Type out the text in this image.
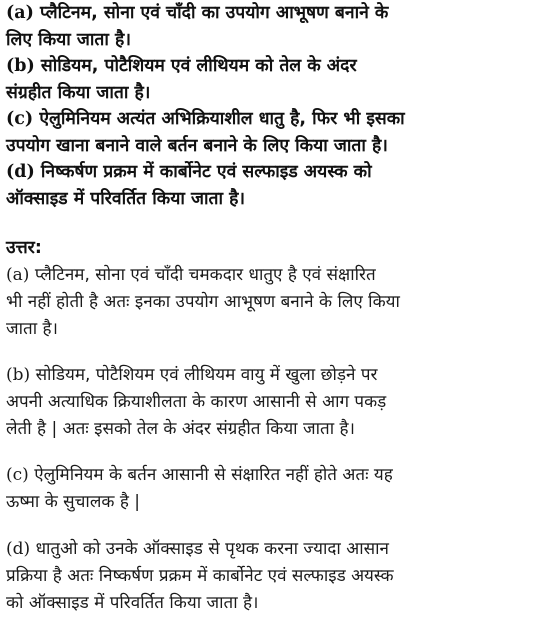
(a) प्लैटिनम, सोना एवं चाँदी का उपयोग आभूषण बनाने के
लिए किया जाता है।
(b) सोडियम, पोटैशियम एवं लीथियम को तेल के अंदर
संग्रहीत किया जाता है।
(c) ऐलुमिनियम अत्यंत अभिक्रियाशील धातु है, फिर भी इसका
उपयोग खाना बनाने वाले बर्तन बनाने के लिए किया जाता है।
(d) निष्कर्षण प्रक्रम में कार्बोनेट एवं सल्फाइड अयस्क को
ऑक्साइड में परिवर्तित किया जाता है।
उत्तर:
(a) प्लैटिनम, सोना एवं चाँदी चमकदार धातुए है एवं संक्षारित
भी नहीं होती है अतः इनका उपयोग आभूषण बनाने के लिए किया
जाता है।
(b) सोडियम, पोटैशियम एवं लीथियम वायु में खुला छोड़ने पर
अपनी अत्याधिक क्रियाशीलता के कारण आसानी से आग पकड़
लेती है | अतः इसको तेल के अंदर संग्रहीत किया जाता है।
(c) ऐलुमिनियम के बर्तन आसानी से संक्षारित नहीं होते अतः यह
ऊष्मा के सुचालक है |
(d) धातुओ को उनके ऑक्साइड से पृथक करना ज्यादा आसान
प्रक्रिया है अतः निष्कर्षण प्रक्रम में कार्बोनेट एवं सल्फाइड अयस्क
को ऑक्साइड में परिवर्तित किया जाता है।
